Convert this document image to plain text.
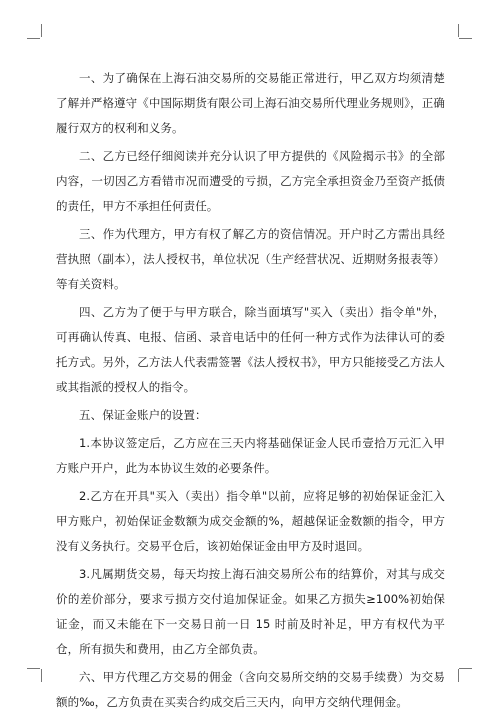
一、为了确保在上海石油交易所的交易能正常进行，甲乙双方均须清楚了解并严格遵守《中国际期货有限公司上海石油交易所代理业务规则》，正确履行双方的权利和义务。

二、乙方已经仔细阅读并充分认识了甲方提供的《风险揭示书》的全部内容，一切因乙方看错市况而遭受的亏损，乙方完全承担资金乃至资产抵债的责任，甲方不承担任何责任。

三、作为代理方，甲方有权了解乙方的资信情况。开户时乙方需出具经营执照（副本），法人授权书，单位状况（生产经营状况、近期财务报表等）等有关资料。

四、乙方为了便于与甲方联合，除当面填写"买入（卖出）指令单"外，可再确认传真、电报、信函、录音电话中的任何一种方式作为法律认可的委托方式。另外，乙方法人代表需签署《法人授权书》，甲方只能接受乙方法人或其指派的授权人的指令。

五、保证金账户的设置：

1.本协议签定后，乙方应在三天内将基础保证金人民币壹拾万元汇入甲方账户开户，此为本协议生效的必要条件。

2.乙方在开具"买入（卖出）指令单"以前，应将足够的初始保证金汇入甲方账户，初始保证金数额为成交金额的%，超越保证金数额的指令，甲方没有义务执行。交易平仓后，该初始保证金由甲方及时退回。

3.凡属期货交易，每天均按上海石油交易所公布的结算价，对其与成交价的差价部分，要求亏损方交付追加保证金。如果乙方损失≥100%初始保证金，而又未能在下一交易日前一日 15 时前及时补足，甲方有权代为平仓，所有损失和费用，由乙方全部负责。

六、甲方代理乙方交易的佣金（含向交易所交纳的交易手续费）为交易额的‰，乙方负责在买卖合约成交后三天内，向甲方交纳代理佣金。
